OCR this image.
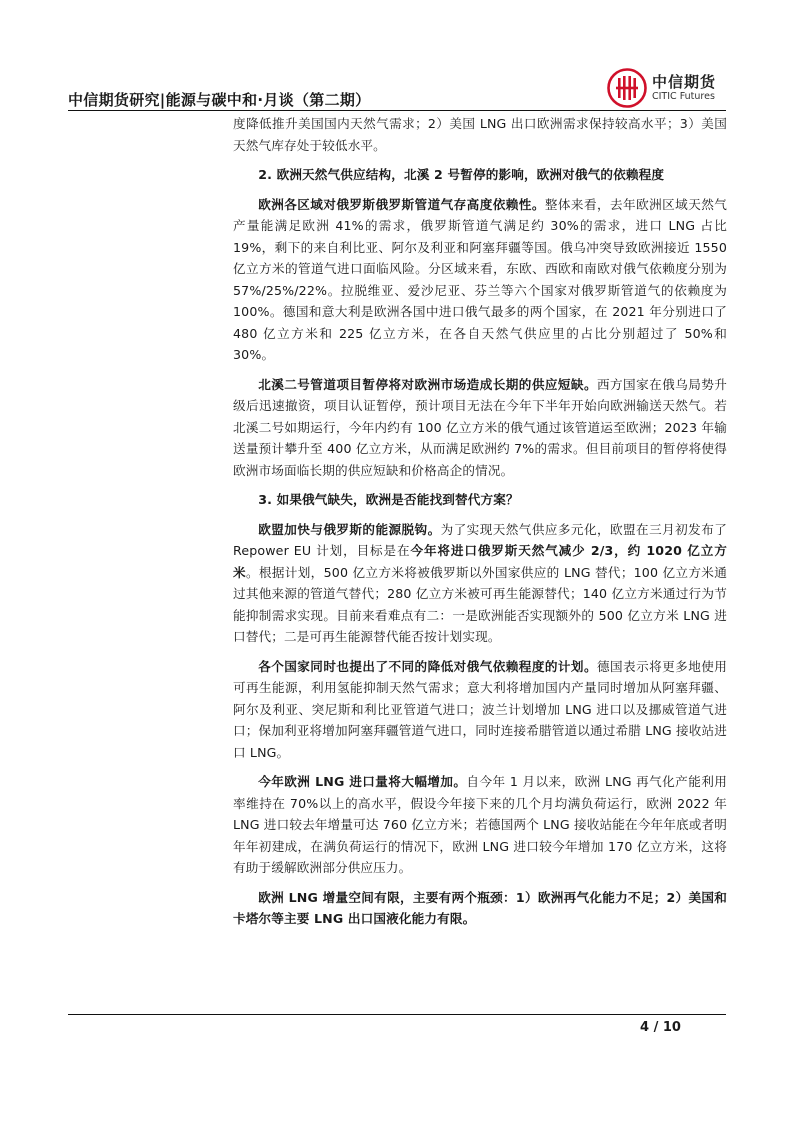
中信期货研究|能源与碳中和·月谈（第二期）
中信期货
CITIC Futures

度降低推升美国国内天然气需求；2）美国 LNG 出口欧洲需求保持较高水平；3）美国天然气库存处于较低水平。

2. 欧洲天然气供应结构，北溪 2 号暂停的影响，欧洲对俄气的依赖程度

欧洲各区域对俄罗斯俄罗斯管道气存高度依赖性。整体来看，去年欧洲区域天然气产量能满足欧洲 41%的需求，俄罗斯管道气满足约 30%的需求，进口 LNG 占比 19%，剩下的来自利比亚、阿尔及利亚和阿塞拜疆等国。俄乌冲突导致欧洲接近 1550 亿立方米的管道气进口面临风险。分区域来看，东欧、西欧和南欧对俄气依赖度分别为 57%/25%/22%。拉脱维亚、爱沙尼亚、芬兰等六个国家对俄罗斯管道气的依赖度为 100%。德国和意大利是欧洲各国中进口俄气最多的两个国家，在 2021 年分别进口了 480 亿立方米和 225 亿立方米，在各自天然气供应里的占比分别超过了 50%和 30%。

北溪二号管道项目暂停将对欧洲市场造成长期的供应短缺。西方国家在俄乌局势升级后迅速撤资，项目认证暂停，预计项目无法在今年下半年开始向欧洲输送天然气。若北溪二号如期运行，今年内约有 100 亿立方米的俄气通过该管道运至欧洲；2023 年输送量预计攀升至 400 亿立方米，从而满足欧洲约 7%的需求。但目前项目的暂停将使得欧洲市场面临长期的供应短缺和价格高企的情况。

3. 如果俄气缺失，欧洲是否能找到替代方案？

欧盟加快与俄罗斯的能源脱钩。为了实现天然气供应多元化，欧盟在三月初发布了 Repower EU 计划，目标是在今年将进口俄罗斯天然气减少 2/3，约 1020 亿立方米。根据计划，500 亿立方米将被俄罗斯以外国家供应的 LNG 替代；100 亿立方米通过其他来源的管道气替代；280 亿立方米被可再生能源替代；140 亿立方米通过行为节能抑制需求实现。目前来看难点有二：一是欧洲能否实现额外的 500 亿立方米 LNG 进口替代；二是可再生能源替代能否按计划实现。

各个国家同时也提出了不同的降低对俄气依赖程度的计划。德国表示将更多地使用可再生能源，利用氢能抑制天然气需求；意大利将增加国内产量同时增加从阿塞拜疆、阿尔及利亚、突尼斯和利比亚管道气进口；波兰计划增加 LNG 进口以及挪威管道气进口；保加利亚将增加阿塞拜疆管道气进口，同时连接希腊管道以通过希腊 LNG 接收站进口 LNG。

今年欧洲 LNG 进口量将大幅增加。自今年 1 月以来，欧洲 LNG 再气化产能利用率维持在 70%以上的高水平，假设今年接下来的几个月均满负荷运行，欧洲 2022 年 LNG 进口较去年增量可达 760 亿立方米；若德国两个 LNG 接收站能在今年年底或者明年年初建成，在满负荷运行的情况下，欧洲 LNG 进口较今年增加 170 亿立方米，这将有助于缓解欧洲部分供应压力。

欧洲 LNG 增量空间有限，主要有两个瓶颈：1）欧洲再气化能力不足；2）美国和卡塔尔等主要 LNG 出口国液化能力有限。

4 / 10
